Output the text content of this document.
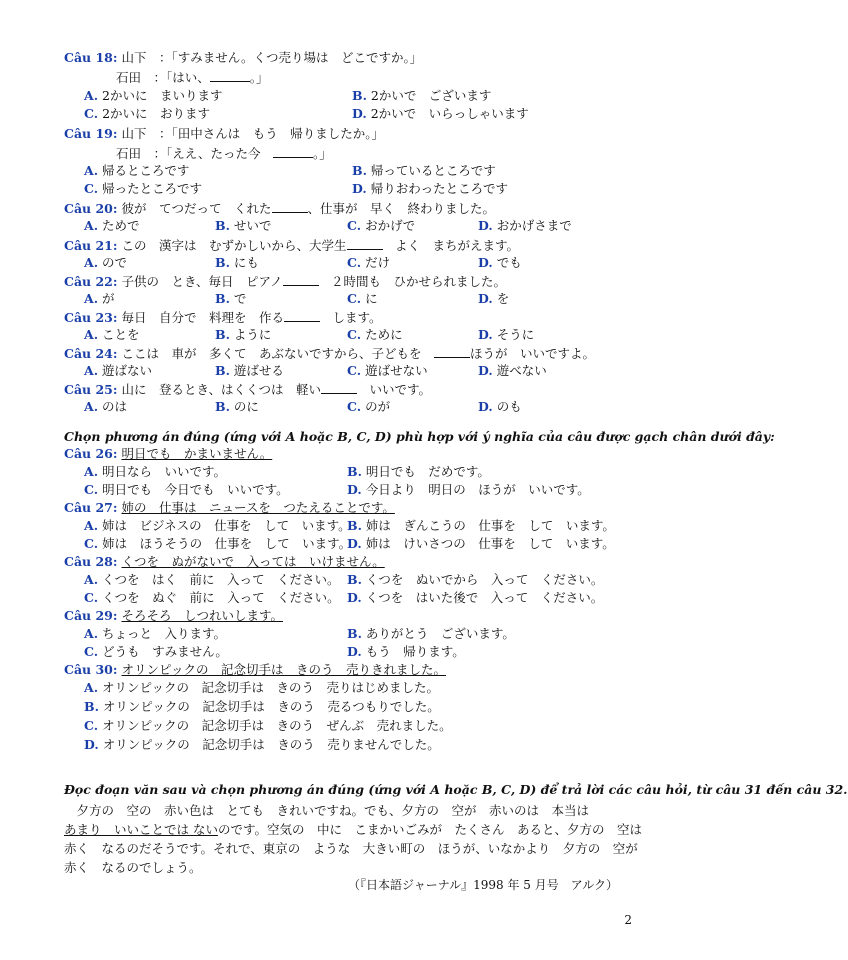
Câu 18: 山下　：「すみません。くつ売り場は　どこですか。」
石田　：「はい、	。」
A. 2かいに　まいります	B. 2かいで　ございます
C. 2かいに　おります	D. 2かいで　いらっしゃいます
Câu 19: 山下　：「田中さんは　もう　帰りましたか。」
石田　：「ええ、たった今　	。」
A. 帰るところです	B. 帰っているところです
C. 帰ったところです	D. 帰りおわったところです
Câu 20: 彼が　てつだって　くれた	、仕事が　早く　終わりました。
A. ためで	B. せいで	C. おかげで	D. おかげさまで
Câu 21: この　漢字は　むずかしいから、大学生	　よく　まちがえます。
A. ので	B. にも	C. だけ	D. でも
Câu 22: 子供の　とき、毎日　ピアノ	　２時間も　ひかせられました。
A. が	B. で	C. に	D. を
Câu 23: 毎日　自分で　料理を　作る	　します。
A. ことを	B. ように	C. ために	D. そうに
Câu 24: ここは　車が　多くて　あぶないですから、子どもを　	ほうが　いいですよ。
A. 遊ばない	B. 遊ばせる	C. 遊ばせない	D. 遊べない
Câu 25: 山に　登るとき、はくくつは　軽い	　いいです。
A. のは	B. のに	C. のが	D. のも
Chọn phương án đúng (ứng với A hoặc B, C, D) phù hợp với ý nghĩa của câu được gạch chân dưới đây:
Câu 26: 明日でも　かまいません。
A. 明日なら　いいです。	B. 明日でも　だめです。
C. 明日でも　今日でも　いいです。	D. 今日より　明日の　ほうが　いいです。
Câu 27: 姉の　仕事は　ニュースを　つたえることです。
A. 姉は　ビジネスの　仕事を　して　います。
B. 姉は　ぎんこうの　仕事を　して　います。
C. 姉は　ほうそうの　仕事を　して　います。
D. 姉は　けいさつの　仕事を　して　います。
Câu 28: くつを　ぬがないで　入っては　いけません。
A. くつを　はく　前に　入って　ください。 B. くつを　ぬいでから　入って　ください。
C. くつを　ぬぐ　前に　入って　ください。 D. くつを　はいた後で　入って　ください。
Câu 29: そろそろ　しつれいします。
A. ちょっと　入ります。	B. ありがとう　ございます。
C. どうも　すみません。	D. もう　帰ります。
Câu 30: オリンピックの　記念切手は　きのう　売りきれました。
A. オリンピックの　記念切手は　きのう　売りはじめました。
B. オリンピックの　記念切手は　きのう　売るつもりでした。
C. オリンピックの　記念切手は　きのう　ぜんぶ　売れました。
D. オリンピックの　記念切手は　きのう　売りませんでした。
Đọc đoạn văn sau và chọn phương án đúng (ứng với A hoặc B, C, D) để trả lời các câu hỏi, từ câu 31 đến câu 32.
　夕方の　空の　赤い色は　とても　きれいですね。でも、夕方の　空が　赤いのは　本当は
あまり　いいことでは ないのです。空気の　中に　こまかいごみが　たくさん　あると、夕方の　空は
赤く　なるのだそうです。それで、東京の　ような　大きい町の　ほうが、いなかより　夕方の　空が
赤く　なるのでしょう。
（『日本語ジャーナル』1998 年 5 月号　アルク）
2
